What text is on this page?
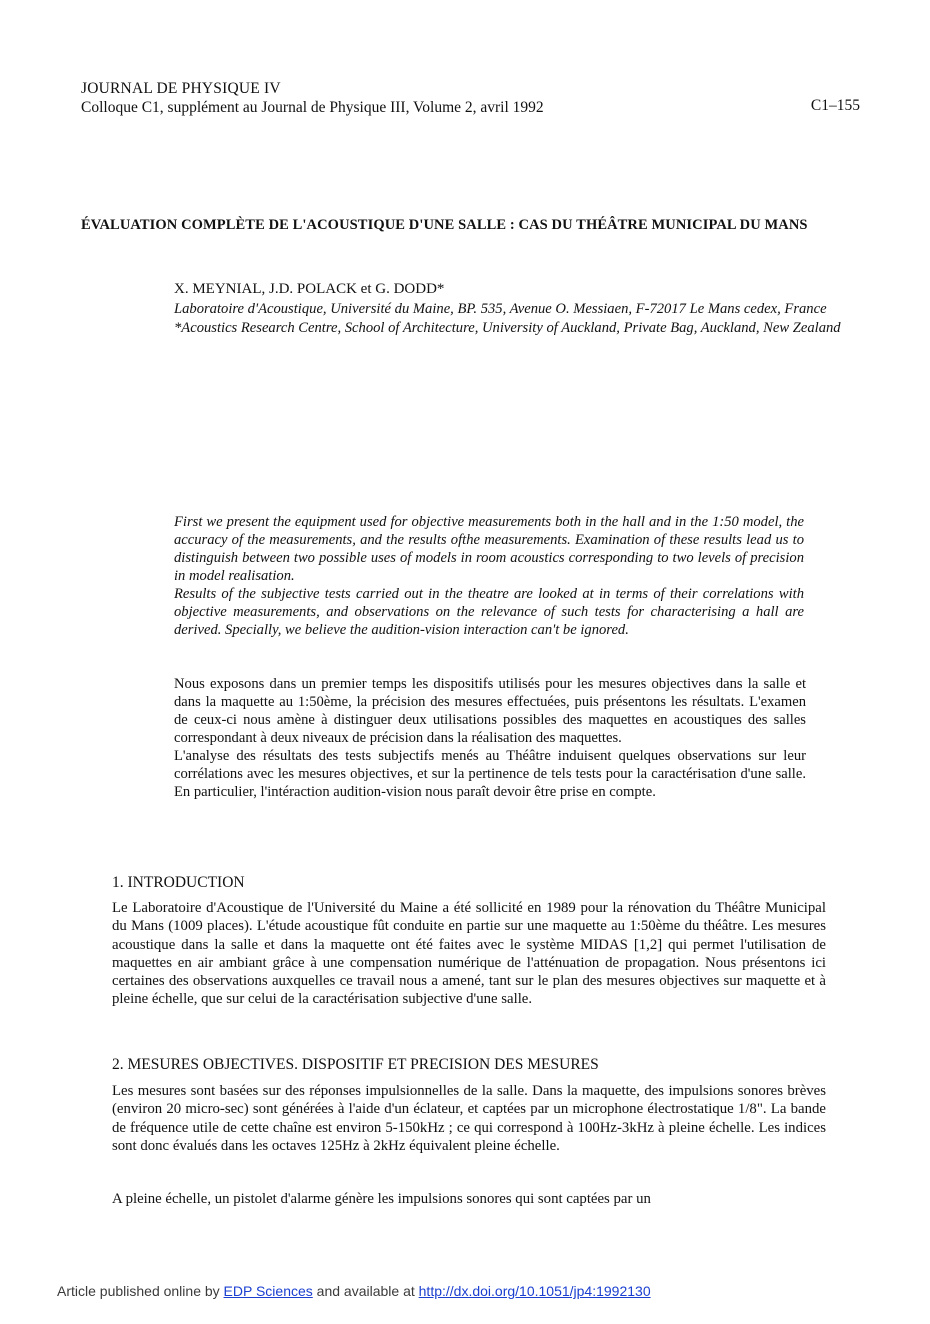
JOURNAL DE PHYSIQUE IV
Colloque C1, supplément au Journal de Physique III, Volume 2, avril 1992	C1–155
ÉVALUATION COMPLÈTE DE L'ACOUSTIQUE D'UNE SALLE : CAS DU THÉÂTRE MUNICIPAL DU MANS
X. MEYNIAL, J.D. POLACK et G. DODD*
Laboratoire d'Acoustique, Université du Maine, BP. 535, Avenue O. Messiaen, F-72017 Le Mans cedex, France
*Acoustics Research Centre, School of Architecture, University of Auckland, Private Bag, Auckland, New Zealand

First we present the equipment used for objective measurements both in the hall and in the 1:50 model, the accuracy of the measurements, and the results ofthe measurements. Examination of these results lead us to distinguish between two possible uses of models in room acoustics corresponding to two levels of precision in model realisation.

Results of the subjective tests carried out in the theatre are looked at in terms of their correlations with objective measurements, and observations on the relevance of such tests for characterising a hall are derived. Specially, we believe the audition-vision interaction can't be ignored.

Nous exposons dans un premier temps les dispositifs utilisés pour les mesures objectives dans la salle et dans la maquette au 1:50ème, la précision des mesures effectuées, puis présentons les résultats. L'examen de ceux-ci nous amène à distinguer deux utilisations possibles des maquettes en acoustiques des salles correspondant à deux niveaux de précision dans la réalisation des maquettes.

L'analyse des résultats des tests subjectifs menés au Théâtre induisent quelques observations sur leur corrélations avec les mesures objectives, et sur la pertinence de tels tests pour la caractérisation d'une salle. En particulier, l'intéraction audition-vision nous paraît devoir être prise en compte.

1. INTRODUCTION

Le Laboratoire d'Acoustique de l'Université du Maine a été sollicité en 1989 pour la rénovation du Théâtre Municipal du Mans (1009 places). L'étude acoustique fût conduite en partie sur une maquette au 1:50ème du théâtre. Les mesures acoustique dans la salle et dans la maquette ont été faites avec le système MIDAS [1,2] qui permet l'utilisation de maquettes en air ambiant grâce à une compensation numérique de l'atténuation de propagation. Nous présentons ici certaines des observations auxquelles ce travail nous a amené, tant sur le plan des mesures objectives sur maquette et à pleine échelle, que sur celui de la caractérisation subjective d'une salle.

2. MESURES OBJECTIVES. DISPOSITIF ET PRECISION DES MESURES

Les mesures sont basées sur des réponses impulsionnelles de la salle. Dans la maquette, des impulsions sonores brèves (environ 20 micro-sec) sont générées à l'aide d'un éclateur, et captées par un microphone électrostatique 1/8". La bande de fréquence utile de cette chaîne est environ 5-150kHz ; ce qui correspond à 100Hz-3kHz à pleine échelle. Les indices sont donc évalués dans les octaves 125Hz à 2kHz équivalent pleine échelle.

A pleine échelle, un pistolet d'alarme génère les impulsions sonores qui sont captées par un

Article published online by EDP Sciences and available at http://dx.doi.org/10.1051/jp4:1992130
